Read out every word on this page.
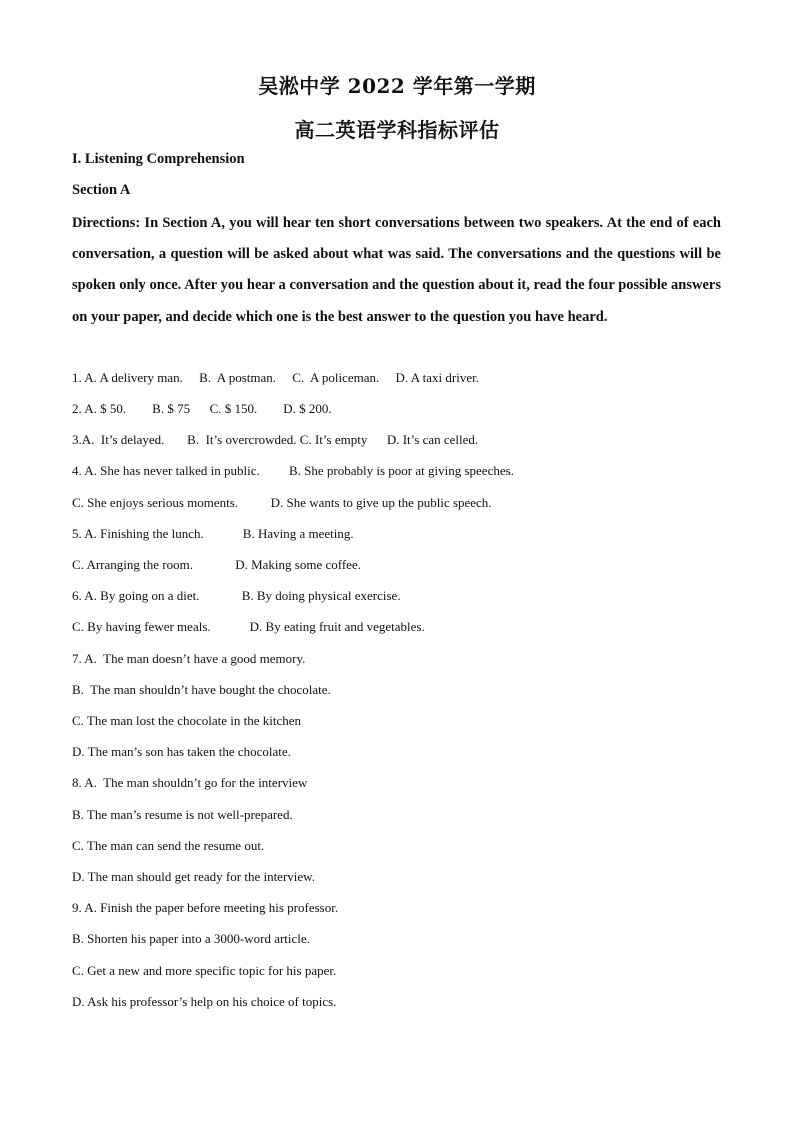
吴淞中学 2022 学年第一学期
高二英语学科指标评估
I. Listening Comprehension
Section A

Directions: In Section A, you will hear ten short conversations between two speakers. At the end of each conversation, a question will be asked about what was said. The conversations and the questions will be spoken only once. After you hear a conversation and the question about it, read the four possible answers on your paper, and decide which one is the best answer to the question you have heard.

1. A. A delivery man.     B.  A postman.     C.  A policeman.     D. A taxi driver.
2. A. $ 50.        B. $ 75      C. $ 150.        D. $ 200.
3.A.  It’s delayed.       B.  It’s overcrowded. C. It’s empty      D. It’s can celled.
4. A. She has never talked in public.         B. She probably is poor at giving speeches.
C. She enjoys serious moments.          D. She wants to give up the public speech.
5. A. Finishing the lunch.            B. Having a meeting.
C. Arranging the room.             D. Making some coffee.
6. A. By going on a diet.             B. By doing physical exercise.
C. By having fewer meals.            D. By eating fruit and vegetables.
7. A.  The man doesn’t have a good memory.
B.  The man shouldn’t have bought the chocolate.
C. The man lost the chocolate in the kitchen
D. The man’s son has taken the chocolate.
8. A.  The man shouldn’t go for the interview
B. The man’s resume is not well-prepared.
C. The man can send the resume out.
D. The man should get ready for the interview.
9. A. Finish the paper before meeting his professor.
B. Shorten his paper into a 3000-word article.
C. Get a new and more specific topic for his paper.
D. Ask his professor’s help on his choice of topics.
